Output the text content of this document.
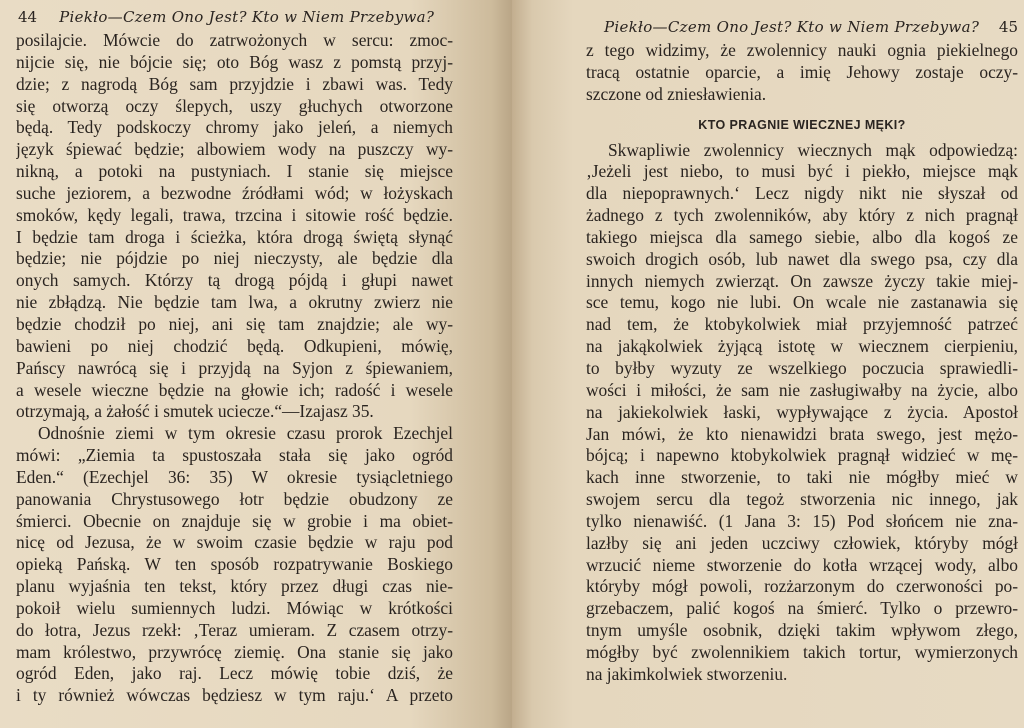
44 Piekło—Czem Ono Jest? Kto w Niem Przebywa?
posilajcie. Mówcie do zatrwożonych w sercu: zmoc-
nijcie się, nie bójcie się; oto Bóg wasz z pomstą przyj-
dzie; z nagrodą Bóg sam przyjdzie i zbawi was. Tedy
się otworzą oczy ślepych, uszy głuchych otworzone
będą. Tedy podskoczy chromy jako jeleń, a niemych
język śpiewać będzie; albowiem wody na puszczy wy-
nikną, a potoki na pustyniach. I stanie się miejsce
suche jeziorem, a bezwodne źródłami wód; w łożyskach
smoków, kędy legali, trawa, trzcina i sitowie rość będzie.
I będzie tam droga i ścieżka, która drogą świętą słynąć
będzie; nie pójdzie po niej nieczysty, ale będzie dla
onych samych. Którzy tą drogą pójdą i głupi nawet
nie zbłądzą. Nie będzie tam lwa, a okrutny zwierz nie
będzie chodził po niej, ani się tam znajdzie; ale wy-
bawieni po niej chodzić będą. Odkupieni, mówię,
Pańscy nawrócą się i przyjdą na Syjon z śpiewaniem,
a wesele wieczne będzie na głowie ich; radość i wesele
otrzymają, a żałość i smutek ucieczе.“—Izajasz 35.
Odnośnie ziemi w tym okresie czasu prorok Ezechjel
mówi: „Ziemia ta spustoszała stała się jako ogród
Eden.“ (Ezechjel 36: 35) W okresie tysiącletniego
panowania Chrystusowego łotr będzie obudzony ze
śmierci. Obecnie on znajduje się w grobie i ma obiet-
nicę od Jezusa, że w swoim czasie będzie w raju pod
opieką Pańską. W ten sposób rozpatrywanie Boskiego
planu wyjaśnia ten tekst, który przez długi czas nie-
pokoił wielu sumiennych ludzi. Mówiąc w krótkości
do łotra, Jezus rzekł: ‚Teraz umieram. Z czasem otrzy-
mam królestwo, przywrócę ziemię. Ona stanie się jako
ogród Eden, jako raj. Lecz mówię tobie dziś, że
i ty również wówczas będziesz w tym raju.‘ A przeto
Piekło—Czem Ono Jest? Kto w Niem Przebywa? 45
z tego widzimy, że zwolennicy nauki ognia piekielnego
tracą ostatnie oparcie, a imię Jehowy zostaje oczy-
szczone od zniesławienia.
KTO PRAGNIE WIECZNEJ MĘKI?
Skwapliwie zwolennicy wiecznych mąk odpowiedzą:
‚Jeżeli jest niebo, to musi być i piekło, miejsce mąk
dla niepoprawnych.‘ Lecz nigdy nikt nie słyszał od
żadnego z tych zwolenników, aby który z nich pragnął
takiego miejsca dla samego siebie, albo dla kogoś ze
swoich drogich osób, lub nawet dla swego psa, czy dla
innych niemych zwierząt. On zawsze życzy takie miej-
sce temu, kogo nie lubi. On wcale nie zastanawia się
nad tem, że ktobykolwiek miał przyjemność patrzeć
na jakąkolwiek żyjącą istotę w wiecznem cierpieniu,
to byłby wyzuty ze wszelkiego poczucia sprawiedli-
wości i miłości, że sam nie zasługiwałby na życie, albo
na jakiekolwiek łaski, wypływające z życia. Apostoł
Jan mówi, że kto nienawidzi brata swego, jest mężo-
bójcą; i napewno ktobykolwiek pragnął widzieć w mę-
kach inne stworzenie, to taki nie mógłby mieć w
swojem sercu dla tegoż stworzenia nic innego, jak
tylko nienawiść. (1 Jana 3: 15) Pod słońcem nie zna-
lazłby się ani jeden uczciwy człowiek, któryby mógł
wrzucić nieme stworzenie do kotła wrzącej wody, albo
któryby mógł powoli, rozżarzonym do czerwoności po-
grzebaczem, palić kogoś na śmierć. Tylko o przewro-
tnym umyśle osobnik, dzięki takim wpływom złego,
mógłby być zwolennikiem takich tortur, wymierzonych
na jakimkolwiek stworzeniu.
